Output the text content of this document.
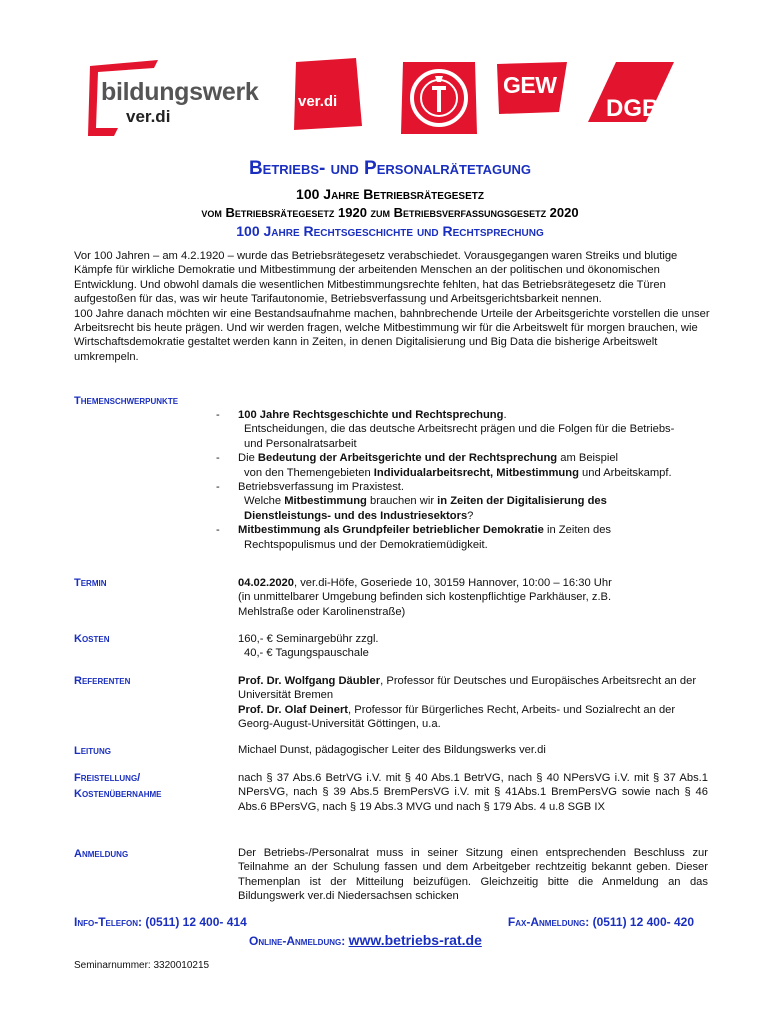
bildungswerk
ver.di
ver.di
GEW
DGB
Betriebs- und Personalrätetagung
100 Jahre Betriebsrätegesetz
vom Betriebsrätegesetz 1920 zum Betriebsverfassungsgesetz 2020
100 Jahre Rechtsgeschichte und Rechtsprechung

Vor 100 Jahren – am 4.2.1920 – wurde das Betriebsrätegesetz verabschiedet. Vorausgegangen waren Streiks und blutige Kämpfe für wirkliche Demokratie und Mitbestimmung der arbeitenden Menschen an der politischen und ökonomischen Entwicklung. Und obwohl damals die wesentlichen Mitbestimmungsrechte fehlten, hat das Betriebsrätegesetz die Türen aufgestoßen für das, was wir heute Tarifautonomie, Betriebsverfassung und Arbeitsgerichtsbarkeit nennen.

100 Jahre danach möchten wir eine Bestandsaufnahme machen, bahnbrechende Urteile der Arbeitsgerichte vorstellen die unser Arbeitsrecht bis heute prägen. Und wir werden fragen, welche Mitbestimmung wir für die Arbeitswelt für morgen brauchen, wie Wirtschaftsdemokratie gestaltet werden kann in Zeiten, in denen Digitalisierung und Big Data die bisherige Arbeitswelt umkrempeln.

Themenschwerpunkte
- 100 Jahre Rechtsgeschichte und Rechtsprechung.
Entscheidungen, die das deutsche Arbeitsrecht prägen und die Folgen für die Betriebs- und Personalratsarbeit
- Die Bedeutung der Arbeitsgerichte und der Rechtsprechung am Beispiel
von den Themengebieten Individualarbeitsrecht, Mitbestimmung und Arbeitskampf.
- Betriebsverfassung im Praxistest.
Welche Mitbestimmung brauchen wir in Zeiten der Digitalisierung des Dienstleistungs- und des Industriesektors?
- Mitbestimmung als Grundpfeiler betrieblicher Demokratie in Zeiten des
Rechtspopulismus und der Demokratiemüdigkeit.
Termin	04.02.2020, ver.di-Höfe, Goseriede 10, 30159 Hannover, 10:00 – 16:30 Uhr

(in unmittelbarer Umgebung befinden sich kostenpflichtige Parkhäuser, z.B.

Mehlstraße oder Karolinenstraße)

Kosten	160,- € Seminargebühr zzgl.

40,- € Tagungspauschale

Referenten	Prof. Dr. Wolfgang Däubler, Professor für Deutsches und Europäisches Arbeitsrecht an der Universität Bremen

Prof. Dr. Olaf Deinert, Professor für Bürgerliches Recht, Arbeits- und Sozialrecht an der Georg-August-Universität Göttingen, u.a.

Leitung	Michael Dunst, pädagogischer Leiter des Bildungswerks ver.di
Freistellung/
Kostenübernahme
nach § 37 Abs.6 BetrVG i.V. mit § 40 Abs.1 BetrVG, nach § 40 NPersVG i.V. mit § 37 Abs.1 NPersVG, nach § 39 Abs.5 BremPersVG i.V. mit § 41Abs.1 BremPersVG sowie nach § 46 Abs.6 BPersVG, nach § 19 Abs.3 MVG und nach § 179 Abs. 4 u.8 SGB IX
Anmeldung	Der Betriebs-/Personalrat muss in seiner Sitzung einen entsprechenden Beschluss zur Teilnahme an der Schulung fassen und dem Arbeitgeber rechtzeitig bekannt geben. Dieser Themenplan ist der Mitteilung beizufügen. Gleichzeitig bitte die Anmeldung an das Bildungswerk ver.di Niedersachsen schicken
Info-Telefon: (0511) 12 400- 414	Fax-Anmeldung: (0511) 12 400- 420
Online-Anmeldung: www.betriebs-rat.de
Seminarnummer: 3320010215
